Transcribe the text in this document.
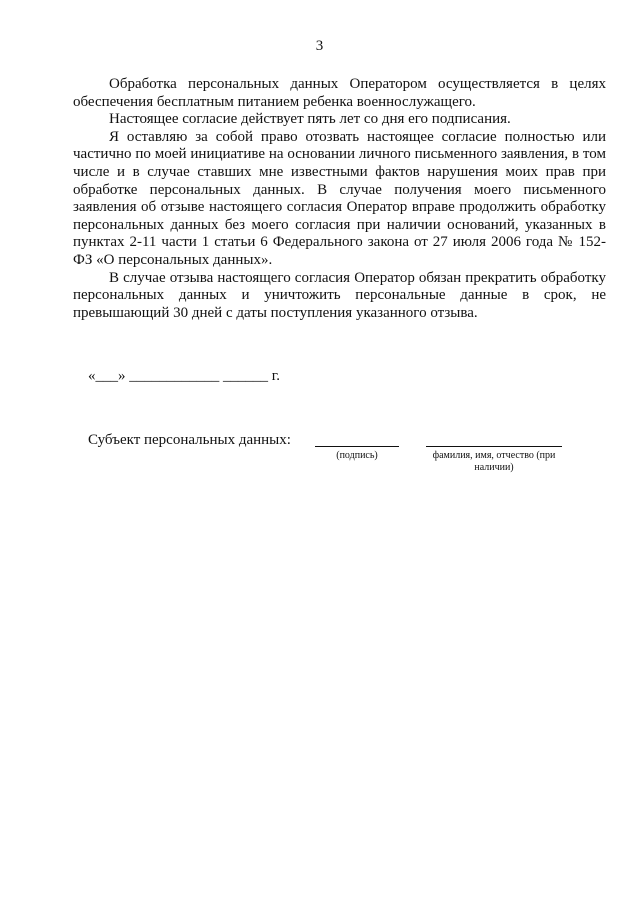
3

Обработка персональных данных Оператором осуществляется в целях обеспечения бесплатным питанием ребенка военнослужащего.

Настоящее согласие действует пять лет со дня его подписания.

Я оставляю за собой право отозвать настоящее согласие полностью или частично по моей инициативе на основании личного письменного заявления, в том числе и в случае ставших мне известными фактов нарушения моих прав при обработке персональных данных. В случае получения моего письменного заявления об отзыве настоящего согласия Оператор вправе продолжить обработку персональных данных без моего согласия при наличии оснований, указанных в пунктах 2-11 части 1 статьи 6 Федерального закона от 27 июля 2006 года № 152-ФЗ «О персональных данных».

В случае отзыва настоящего согласия Оператор обязан прекратить обработку персональных данных и уничтожить персональные данные в срок, не превышающий 30 дней с даты поступления указанного отзыва.

«___» ____________ ______ г.
Субъект персональных данных:
(подпись)	фамилия, имя, отчество (при наличии)
